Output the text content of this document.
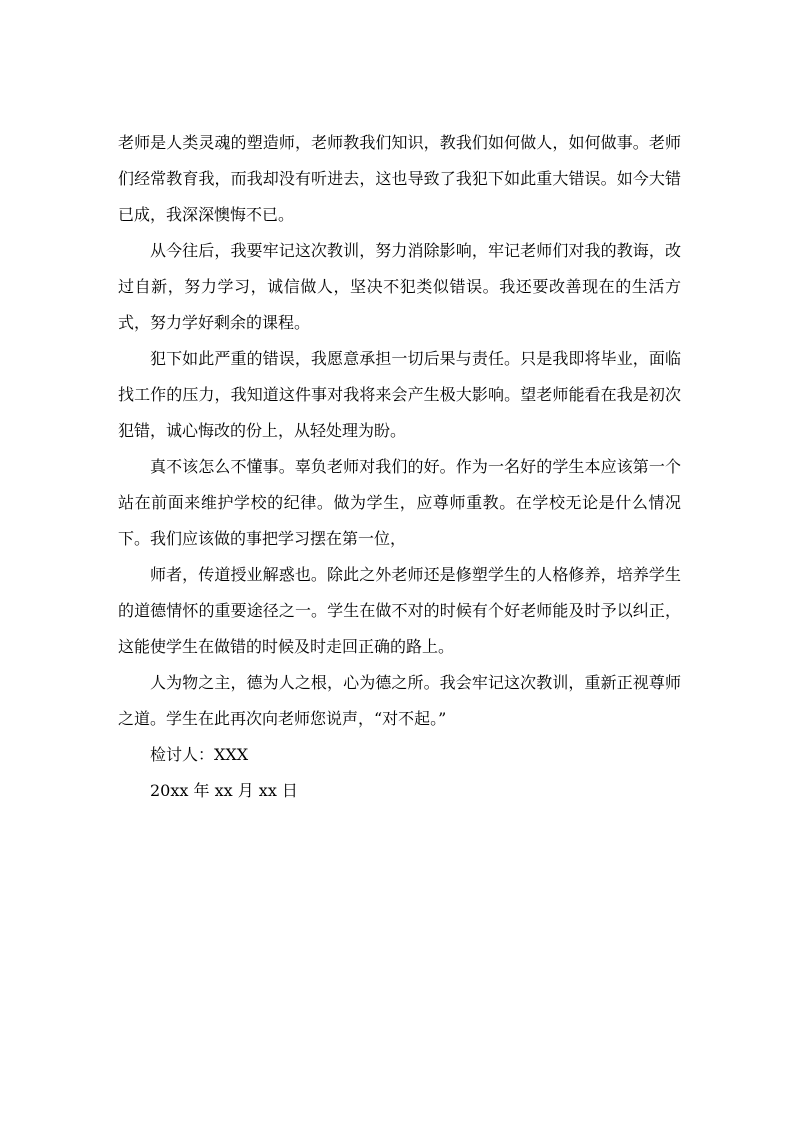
老师是人类灵魂的塑造师，老师教我们知识，教我们如何做人，如何做事。老师们经常教育我，而我却没有听进去，这也导致了我犯下如此重大错误。如今大错已成，我深深懊悔不已。

从今往后，我要牢记这次教训，努力消除影响，牢记老师们对我的教诲，改过自新，努力学习，诚信做人，坚决不犯类似错误。我还要改善现在的生活方式，努力学好剩余的课程。

犯下如此严重的错误，我愿意承担一切后果与责任。只是我即将毕业，面临找工作的压力，我知道这件事对我将来会产生极大影响。望老师能看在我是初次犯错，诚心悔改的份上，从轻处理为盼。

真不该怎么不懂事。辜负老师对我们的好。作为一名好的学生本应该第一个站在前面来维护学校的纪律。做为学生，应尊师重教。在学校无论是什么情况下。我们应该做的事把学习摆在第一位，

师者，传道授业解惑也。除此之外老师还是修塑学生的人格修养，培养学生的道德情怀的重要途径之一。学生在做不对的时候有个好老师能及时予以纠正，这能使学生在做错的时候及时走回正确的路上。

人为物之主，德为人之根，心为德之所。我会牢记这次教训，重新正视尊师之道。学生在此再次向老师您说声，“对不起。”

检讨人：XXX

20xx 年 xx 月 xx 日
